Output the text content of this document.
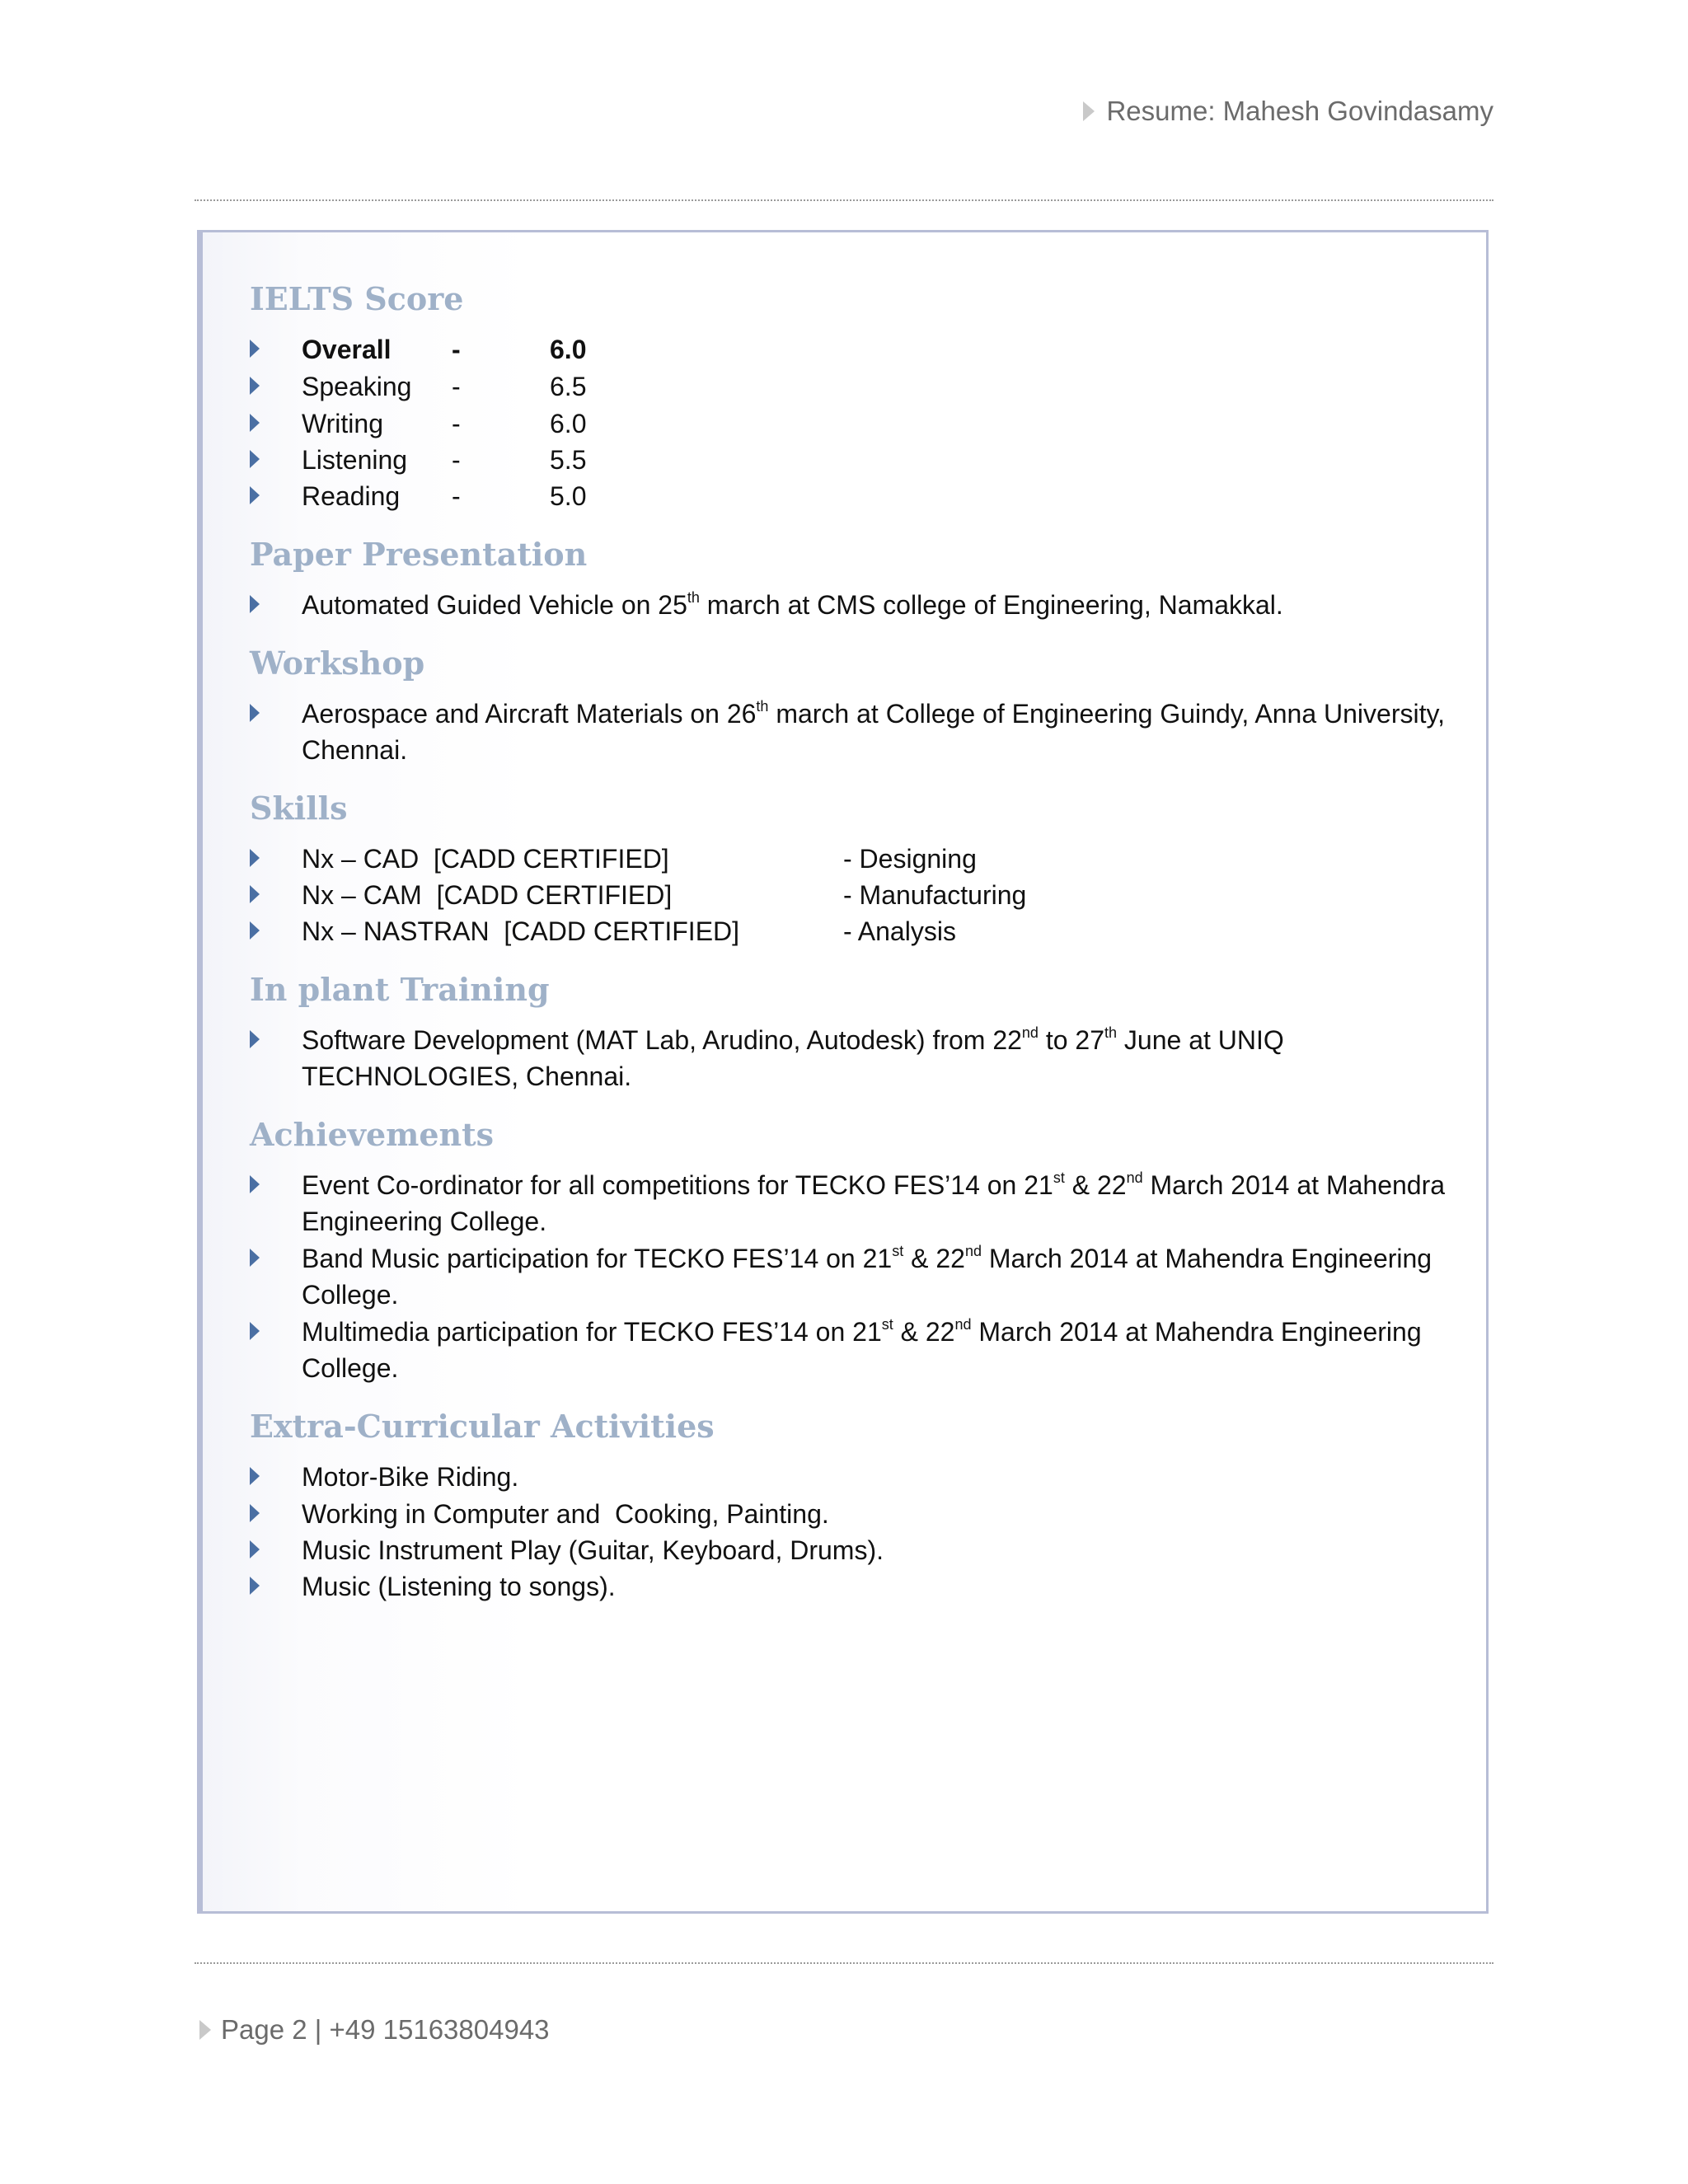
Resume: Mahesh Govindasamy
IELTS Score
Overall	-	6.0
Speaking	-	6.5
Writing	-	6.0
Listening	-	5.5
Reading	-	5.0
Paper Presentation
Automated Guided Vehicle on 25th march at CMS college of Engineering, Namakkal.
Workshop
Aerospace and Aircraft Materials on 26th march at College of Engineering Guindy, Anna University,
Chennai.
Skills
Nx – CAD  [CADD CERTIFIED]	- Designing
Nx – CAM  [CADD CERTIFIED]	- Manufacturing
Nx – NASTRAN  [CADD CERTIFIED]	- Analysis
In plant Training
Software Development (MAT Lab, Arudino, Autodesk) from 22nd to 27th June at UNIQ
TECHNOLOGIES, Chennai.
Achievements
Event Co-ordinator for all competitions for TECKO FES’14 on 21st & 22nd March 2014 at Mahendra
Engineering College.
Band Music participation for TECKO FES’14 on 21st & 22nd March 2014 at Mahendra Engineering
College.
Multimedia participation for TECKO FES’14 on 21st & 22nd March 2014 at Mahendra Engineering
College.
Extra-Curricular Activities
Motor-Bike Riding.
Working in Computer and  Cooking, Painting.
Music Instrument Play (Guitar, Keyboard, Drums).
Music (Listening to songs).
Page 2 | +49 15163804943
